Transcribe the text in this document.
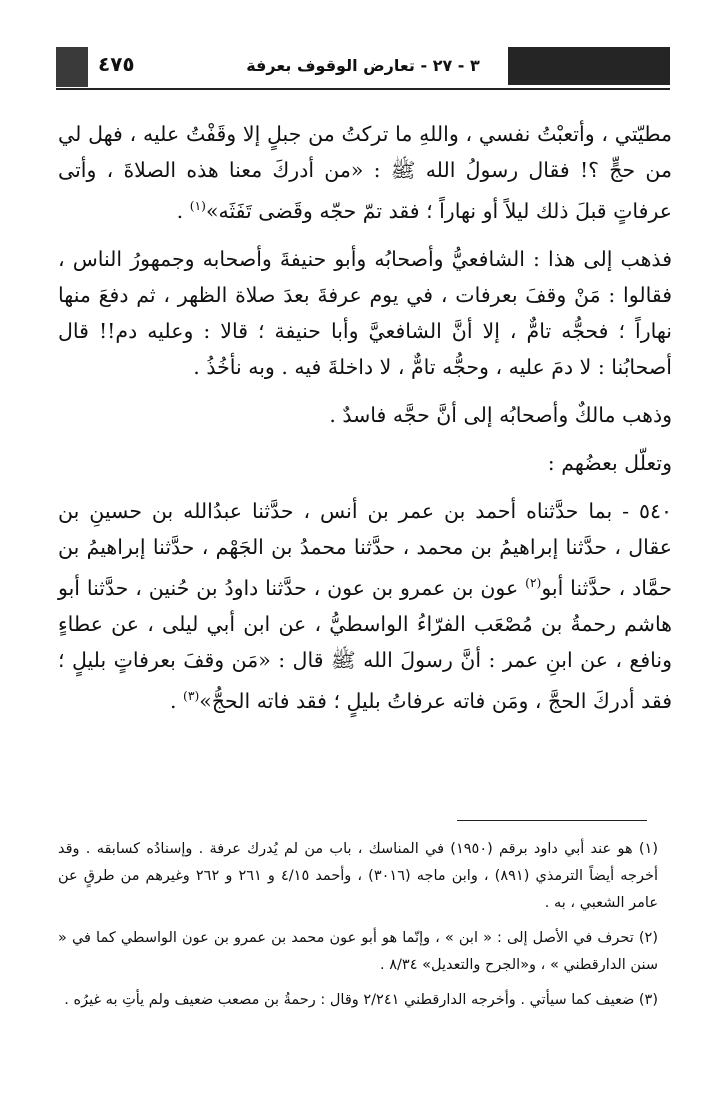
٣ - ٢٧ - تعارض الوقوف بعرفة
٤٧٥

مطيّتي ، وأتعبْتُ نفسي ، واللهِ ما تركتُ من جبلٍ إلا وقَفْتُ عليه ، فهل لي من حجٍّ ؟! فقال رسولُ الله ﷺ : «من أدركَ معنا هذه الصلاةَ ، وأتى عرفاتٍ قبلَ ذلك ليلاً أو نهاراً ؛ فقد تمّ حجّه وقَضى تَفَثَه»$^{(١)}$ .

فذهب إلى هذا : الشافعيُّ وأصحابُه وأبو حنيفةَ وأصحابه وجمهورُ الناس ، فقالوا : مَنْ وقفَ بعرفات ، في يوم عرفةَ بعدَ صلاة الظهر ، ثم دفعَ منها نهاراً ؛ فحجُّه تامٌّ ، إلا أنَّ الشافعيَّ وأبا حنيفة ؛ قالا : وعليه دم!! قال أصحابُنا : لا دمَ عليه ، وحجُّه تامٌّ ، لا داخلةَ فيه . وبه نأخُذُ .

وذهب مالكٌ وأصحابُه إلى أنَّ حجَّه فاسدٌ .

وتعلّل بعضُهم :

٥٤٠ - بما حدَّثناه أحمد بن عمر بن أنس ، حدَّثنا عبدُالله بن حسينِ بن عقال ، حدَّثنا إبراهيمُ بن محمد ، حدَّثنا محمدُ بن الجَهْم ، حدَّثنا إبراهيمُ بن حمَّاد ، حدَّثنا أبو$^{(٢)}$ عون بن عمرو بن عون ، حدَّثنا داودُ بن حُنين ، حدَّثنا أبو هاشم رحمةُ بن مُصْعَب الفرّاءُ الواسطيُّ ، عن ابن أبي ليلى ، عن عطاءٍ ونافع ، عن ابنِ عمر : أنَّ رسولَ الله ﷺ قال : «مَن وقفَ بعرفاتٍ بليلٍ ؛ فقد أدركَ الحجَّ ، ومَن فاته عرفاتُ بليلٍ ؛ فقد فاته الحجُّ»$^{(٣)}$ .

(١) هو عند أبي داود برقم (١٩٥٠) في المناسك ، باب من لم يُدرك عرفة . وإسنادُه كسابقه . وقد أخرجه أيضاً الترمذي (٨٩١) ، وابن ماجه (٣٠١٦) ، وأحمد ٤/١٥ و ٢٦١ و ٢٦٢ وغيرهم من طرقٍ عن عامر الشعبي ، به .

(٢) تحرف في الأصل إلى : « ابن » ، وإنّما هو أبو عون محمد بن عمرو بن عون الواسطي كما في « سنن الدارقطني » ، و«الجرح والتعديل» ٨/٣٤ .

(٣) ضعيف كما سيأتي . وأخرجه الدارقطني ٢/٢٤١ وقال : رحمةُ بن مصعب ضعيف ولم يأتِ به غيرُه .
